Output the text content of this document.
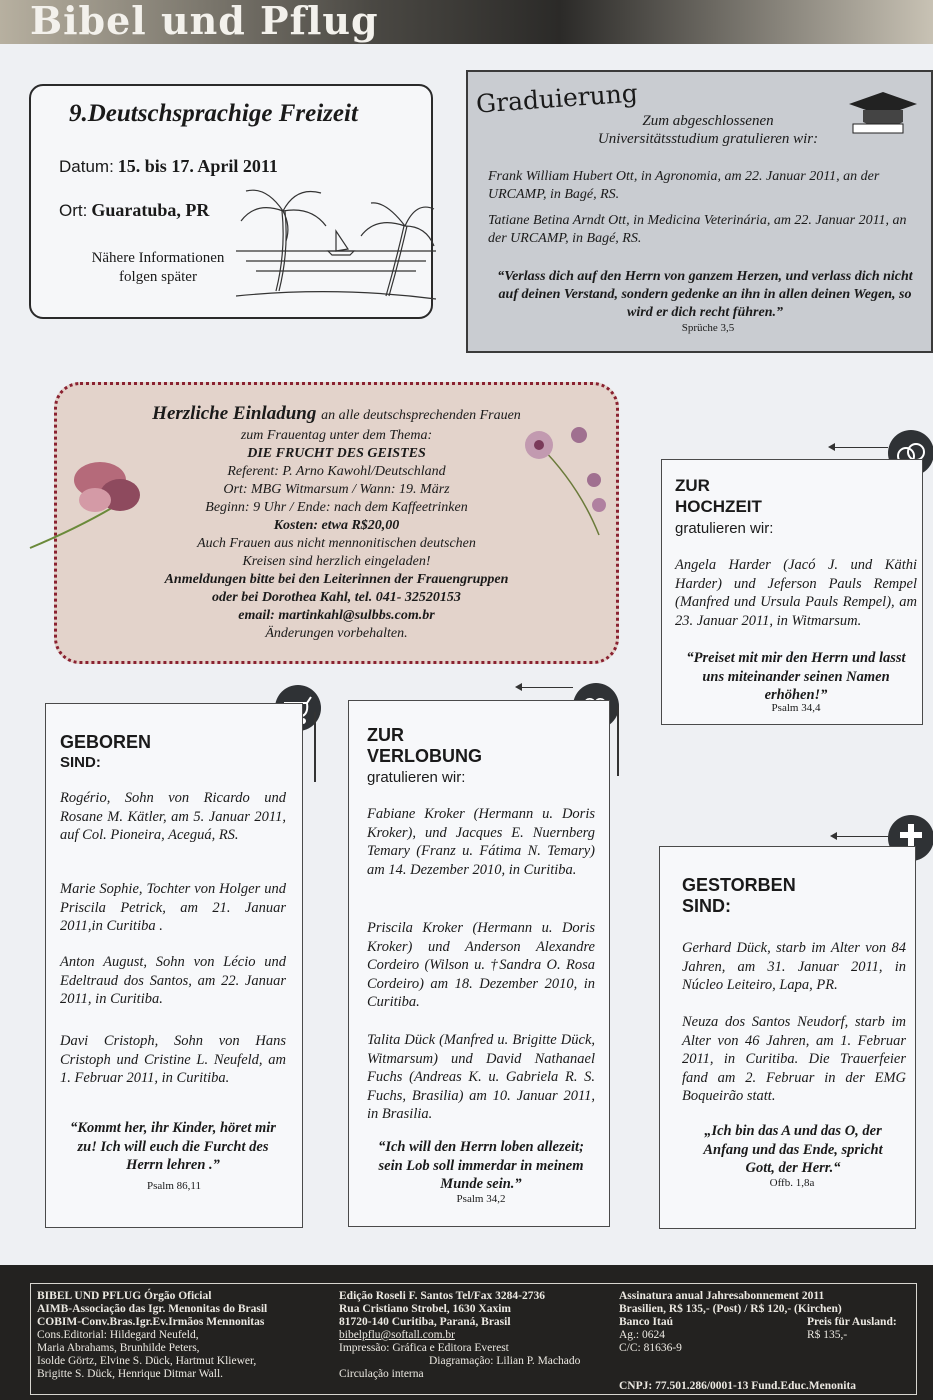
Bibel und Pflug
9.Deutschsprachige Freizeit
Datum: 15. bis 17. April 2011
Ort: Guaratuba, PR
Nähere Informationen
folgen später
Graduierung
Zum abgeschlossenen
Universitätsstudium gratulieren wir:
Frank William Hubert Ott, in Agronomia, am 22. Januar 2011, an der URCAMP, in Bagé, RS.
Tatiane Betina Arndt Ott, in Medicina Veterinária, am 22. Januar 2011, an der URCAMP, in Bagé, RS.
“Verlass dich auf den Herrn von ganzem Herzen, und verlass dich nicht auf deinen Verstand, sondern gedenke an ihn in allen deinen Wegen, so wird er dich recht führen.”
Sprüche 3,5
Herzliche Einladung an alle deutschsprechenden Frauen
zum Frauentag unter dem Thema:
DIE FRUCHT DES GEISTES
Referent: P. Arno Kawohl/Deutschland
Ort: MBG Witmarsum / Wann: 19. März
Beginn: 9 Uhr / Ende: nach dem Kaffeetrinken
Kosten: etwa R$20,00
Auch Frauen aus nicht mennonitischen deutschen
Kreisen sind herzlich eingeladen!
Anmeldungen bitte bei den Leiterinnen der Frauengruppen
oder bei Dorothea Kahl, tel. 041- 32520153
email: martinkahl@sulbbs.com.br
Änderungen vorbehalten.
ZUR
HOCHZEIT
gratulieren wir:
Angela Harder (Jacó J. und Käthi Harder) und Jeferson Pauls Rempel (Manfred und Ursula Pauls Rempel), am 23. Januar 2011, in Witmarsum.
“Preiset mit mir den Herrn und lasst uns miteinander seinen Namen erhöhen!”
Psalm 34,4
GEBOREN
SIND:
Rogério, Sohn von Ricardo und Rosane M. Kätler, am 5. Januar 2011, auf Col. Pioneira, Aceguá, RS.
Marie Sophie, Tochter von Holger und Priscila Petrick, am 21. Januar 2011,in Curitiba .
Anton August, Sohn von Lécio und Edeltraud dos Santos, am 22. Januar 2011, in Curitiba.
Davi Cristoph, Sohn von Hans Cristoph und Cristine L. Neufeld, am 1. Februar 2011, in Curitiba.
“Kommt her, ihr Kinder, höret mir zu! Ich will euch die Furcht des Herrn lehren .”
Psalm 86,11
ZUR
VERLOBUNG
gratulieren wir:
Fabiane Kroker (Hermann u. Doris Kroker), und Jacques E. Nuernberg Temary (Franz u. Fátima N. Temary) am 14. Dezember 2010, in Curitiba.
Priscila Kroker (Hermann u. Doris Kroker) und Anderson Alexandre Cordeiro (Wilson u. †Sandra O. Rosa Cordeiro) am 18. Dezember 2010, in Curitiba.
Talita Dück (Manfred u. Brigitte Dück, Witmarsum) und David Nathanael Fuchs (Andreas K. u. Gabriela R. S. Fuchs, Brasilia) am 10. Januar 2011, in Brasilia.
“Ich will den Herrn loben allezeit; sein Lob soll immerdar in meinem Munde sein.”
Psalm 34,2
GESTORBEN
SIND:
Gerhard Dück, starb im Alter von 84 Jahren, am 31. Januar 2011, in Núcleo Leiteiro, Lapa, PR.
Neuza dos Santos Neudorf, starb im Alter von 46 Jahren, am 1. Februar 2011, in Curitiba. Die Trauerfeier fand am 2. Februar in der EMG Boqueirão statt.
„Ich bin das A und das O, der Anfang und das Ende, spricht Gott, der Herr.“
Offb. 1,8a
BIBEL UND PFLUG Órgão Oficial
AIMB-Associação das Igr. Menonitas do Brasil
COBIM-Conv.Bras.Igr.Ev.Irmãos Mennonitas
Cons.Editorial: Hildegard Neufeld,
Maria Abrahams, Brunhilde Peters,
Isolde Görtz, Elvine S. Dück, Hartmut Kliewer,
Brigitte S. Dück, Henrique Ditmar Wall.
Edição Roseli F. Santos Tel/Fax 3284-2736
Rua Cristiano Strobel, 1630 Xaxim
81720-140 Curitiba, Paraná, Brasil
bibelpflu@softall.com.br
Impressão: Gráfica e Editora Everest
Diagramação: Lilian P. Machado
Circulação interna
Assinatura anual Jahresabonnement 2011
Brasilien, R$ 135,- (Post) / R$ 120,- (Kirchen)
Banco Itaú
Ag.: 0624
C/C: 81636-9
Preis für Ausland:
R$ 135,-
CNPJ: 77.501.286/0001-13 Fund.Educ.Menonita
